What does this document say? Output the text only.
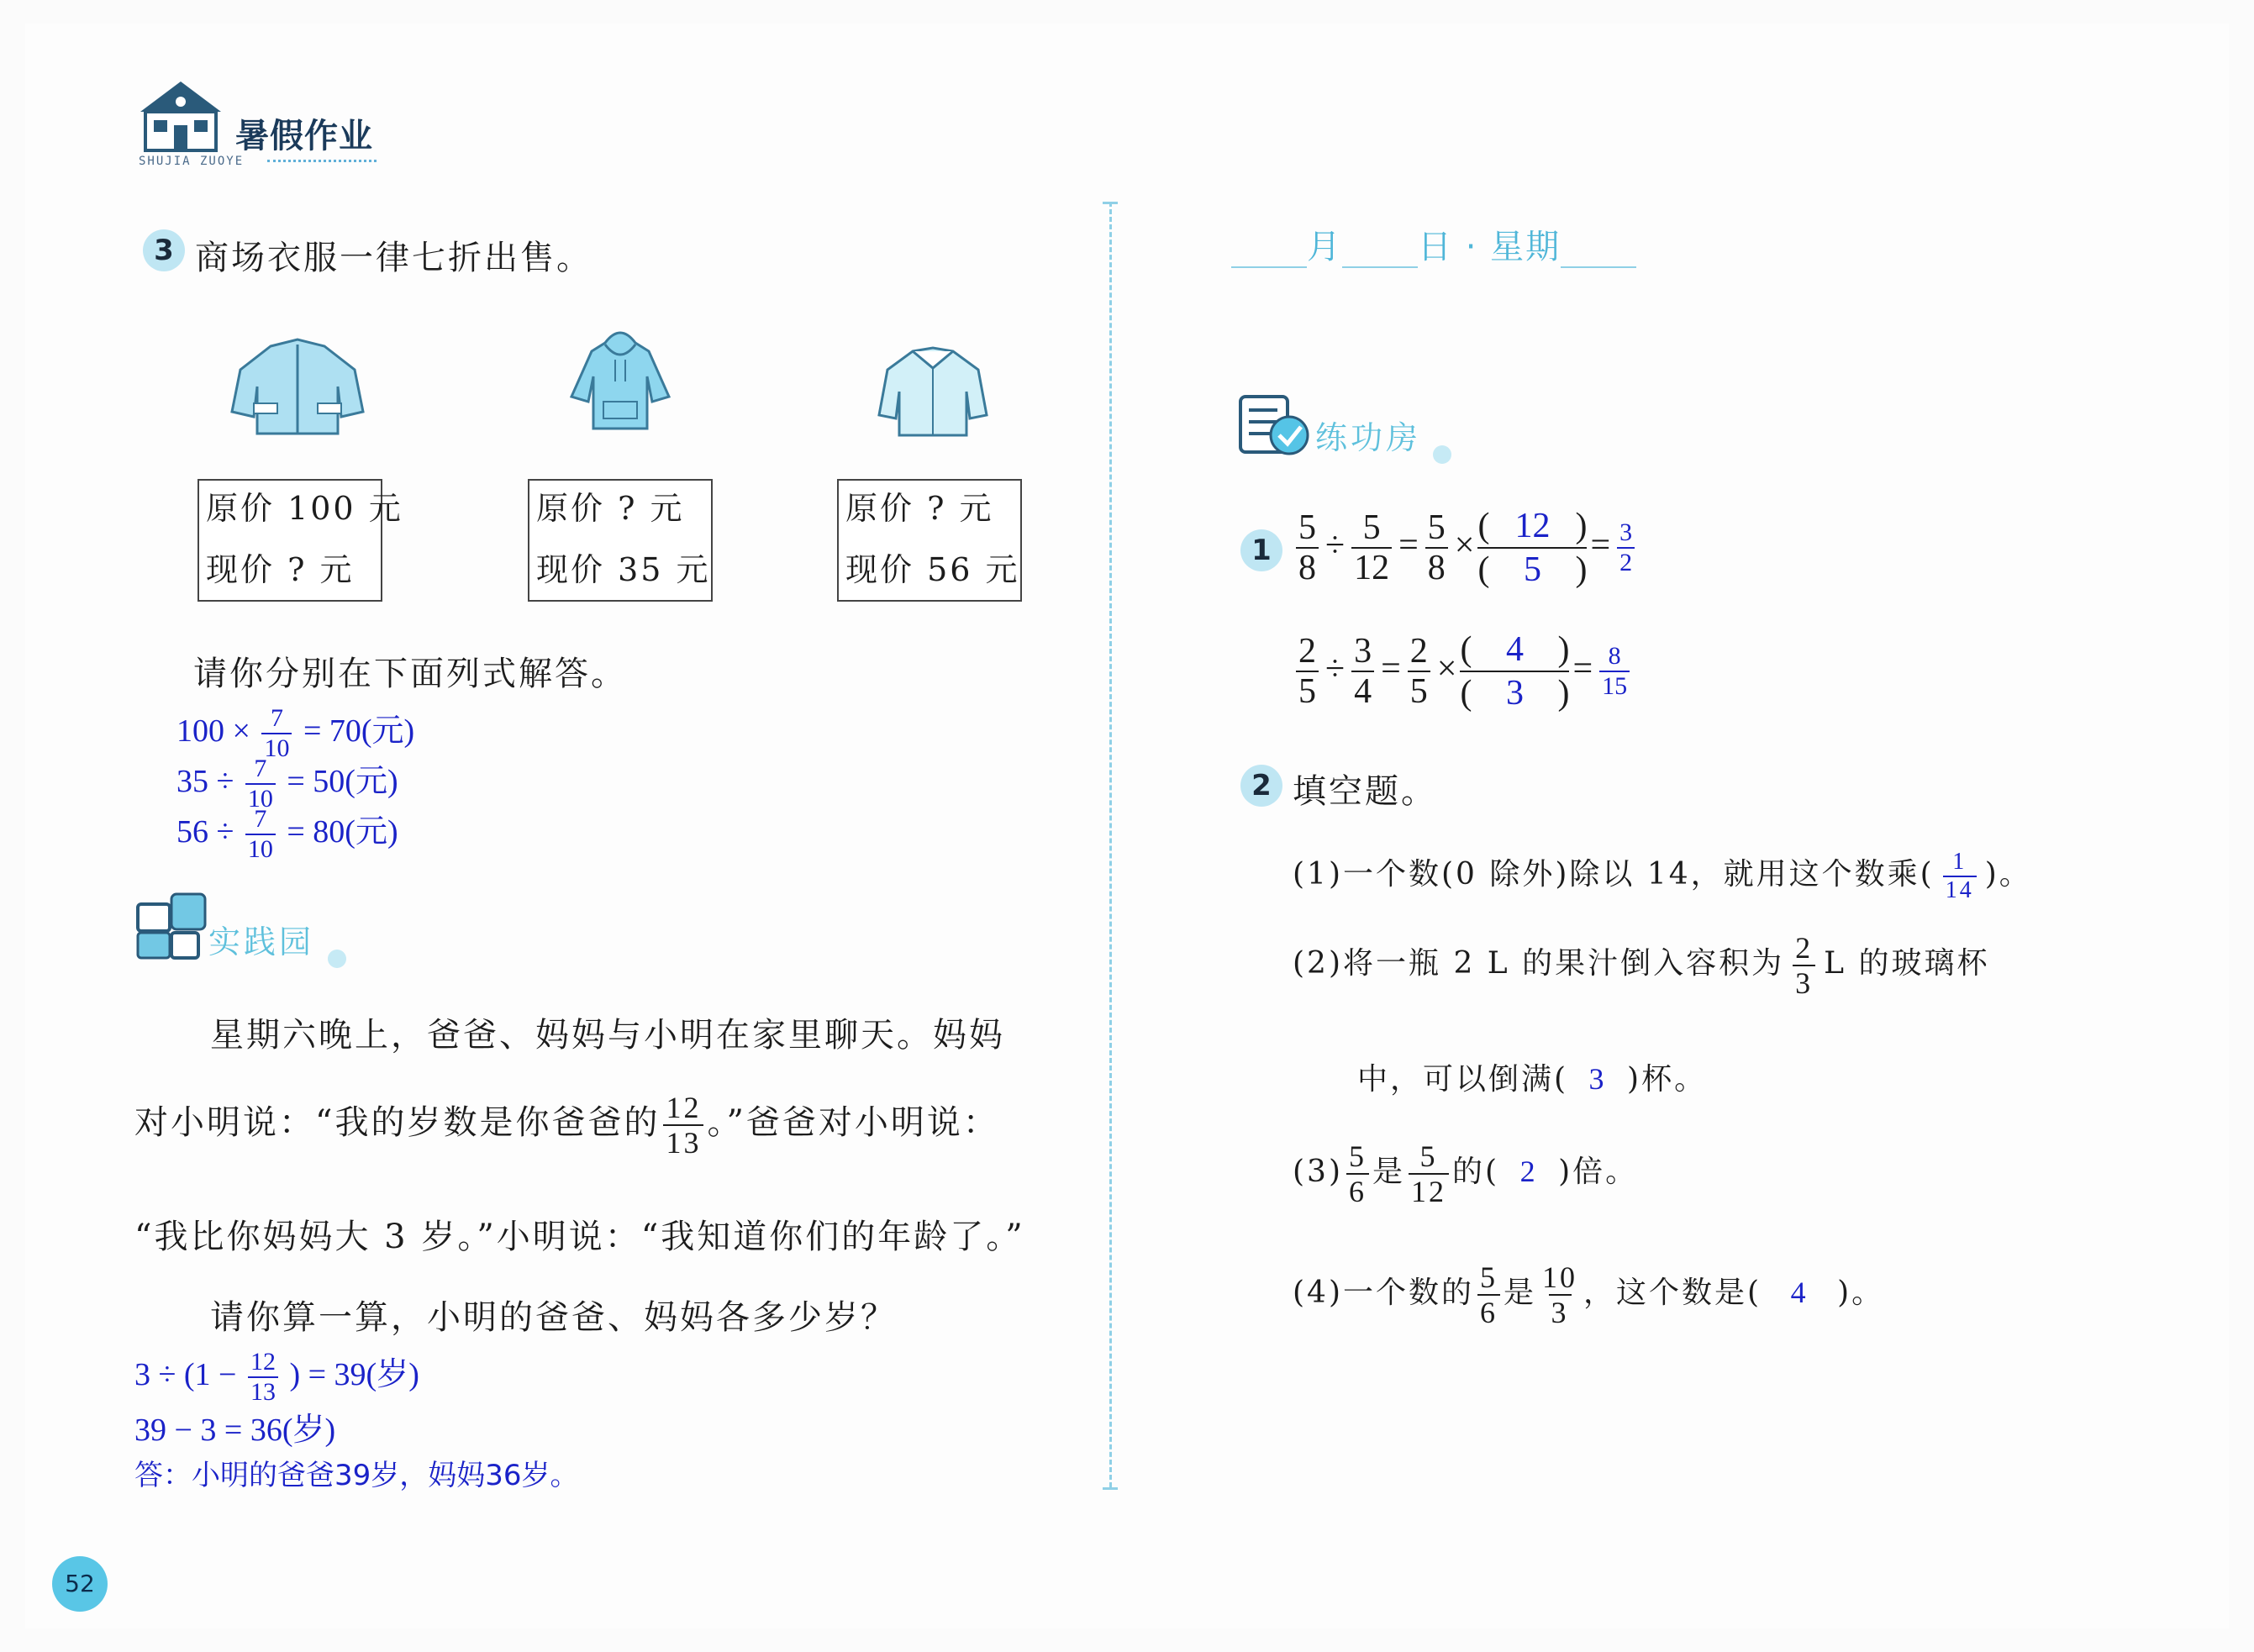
暑假作业
SHUJIA ZUOYE
3 商场衣服一律七折出售。
原价 100 元
现价 ? 元
原价 ? 元
现价 35 元
原价 ? 元
现价 56 元
请你分别在下面列式解答。
$100 \times \frac{7}{10} = 70$(元)
$35 \div \frac{7}{10} = 50$(元)
$56 \div \frac{7}{10} = 80$(元)
实践园
星期六晚上，爸爸、妈妈与小明在家里聊天。妈妈
对小明说：“我的岁数是你爸爸的 $\frac{12}{13}$ 。”爸爸对小明说：
“我比你妈妈大 3 岁。”小明说：“我知道你们的年龄了。”
请你算一算，小明的爸爸、妈妈各多少岁？
$3 \div (1 - \frac{12}{13}$ ) = 39(岁)
39 − 3 = 36(岁)
答：小明的爸爸39岁，妈妈36岁。
52
月 日 · 星期
练功房
$1 \frac{5}{8} \div \frac{5}{12} = \frac{5}{8} \times \frac{( 12 )}{( 5 )} = \frac{3}{2}$
$\frac{2}{5} \div \frac{3}{4} = \frac{2}{5} \times \frac{( 4 )}{( 3 )} = \frac{8}{15}$
2 填空题。
(1)一个数(0 除外)除以 14，就用这个数乘( $\frac{1}{14}$ )。
(2)将一瓶 2 L 的果汁倒入容积为 $\frac{2}{3}$ L 的玻璃杯
中，可以倒满( 3 )杯。
$(3) \frac{5}{6}$ 是 $\frac{5}{12}$ 的( 2 )倍。
(4)一个数的 $\frac{5}{6}$ 是 $\frac{10}{3}$ ，这个数是( 4 )。
